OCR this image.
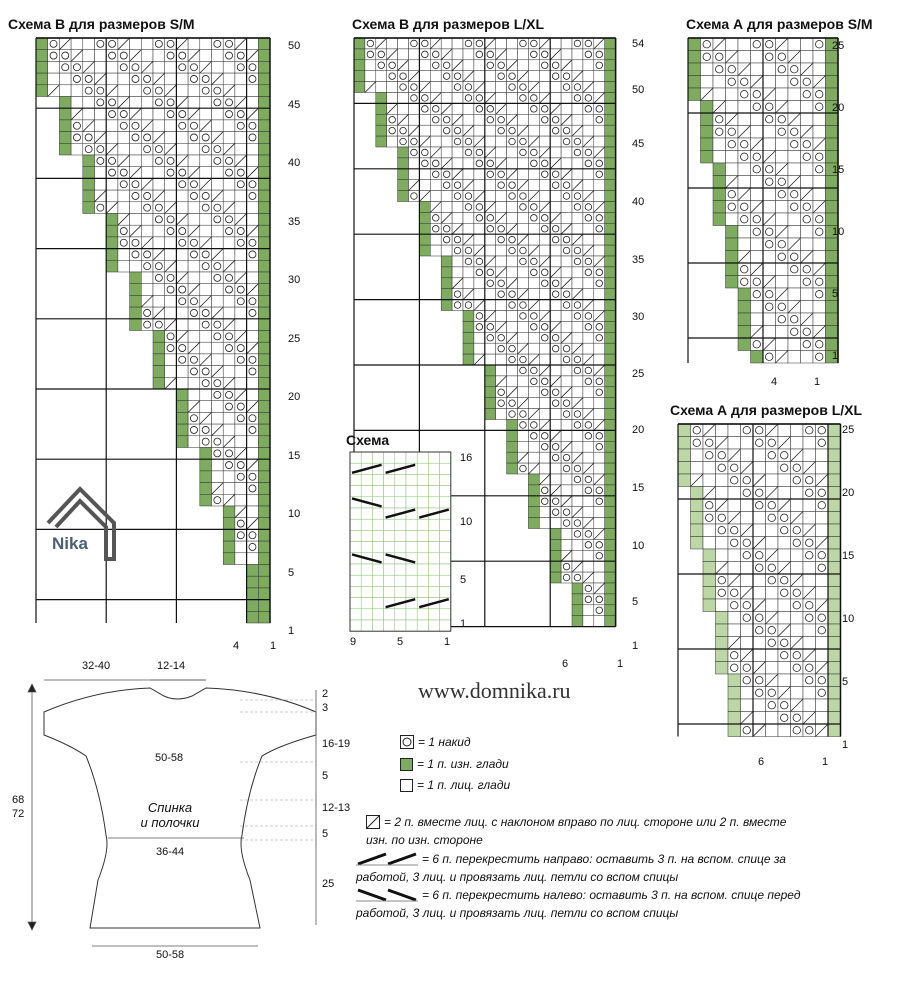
Схема В для размеров S/M	Схема В для размеров L/XL	Схема А для размеров S/M
Схема А для размеров L/XL
Схема
50
45
40
35
30
25
20
15
10
5
1
4	1
54
50
45
40
35
30
25
20
15
10
5
1
6	1
25
20
15
10
5
1
4	1
25
20
15
10
5
1
6	1
16
10
5
1
9	5	1
Nika
www.domnika.ru
= 1 накид
= 1 п. изн. глади
= 1 п. лиц. глади
= 2 п. вместе лиц. с наклоном вправо по лиц. стороне или 2 п. вместе
изн. по изн. стороне
= 6 п. перекрестить направо: оставить 3 п. на вспом. спице за
работой, 3 лиц. и провязать лиц. петли со вспом спицы
= 6 п. перекрестить налево: оставить 3 п. на вспом. спице перед
работой, 3 лиц. и провязать лиц. петли со вспом спицы
32-40	12-14
50-58
36-44
50-58
2
3
16-19
5
12-13
5
25
68
72	Спинка
и полочки
